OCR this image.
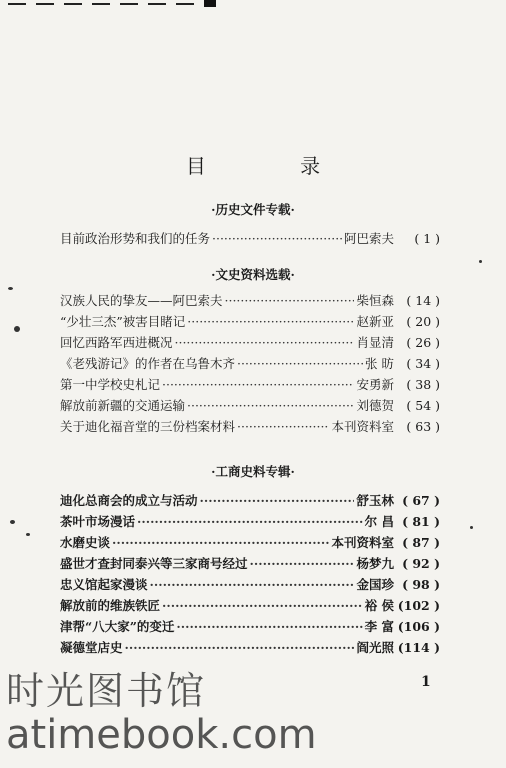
目 录
·历史文件专载·
目前政治形势和我们的任务 ·····	阿巴索夫	( 1 )
·文史资料选载·
汉族人民的挚友——阿巴索夫 ·····	柴恒森 ( 14 )
“少壮三杰”被害目睹记 ·····	赵新亚 ( 20 )
回忆西路军西进概况 ·····	肖显清 ( 26 )
《老残游记》的作者在乌鲁木齐 ·····	张 昉 ( 34 )
第一中学校史札记 ·····	安勇新 ( 38 )
解放前新疆的交通运输 ·····	刘德贺 ( 54 )
关于迪化福音堂的三份档案材料 ·····	本刊资料室 ( 63 )
·工商史料专辑·
迪化总商会的成立与活动 ·····	舒玉林 ( 67 )
茶叶市场漫话 ·····	尔 昌 ( 81 )
水磨史谈 ·····	本刊资料室 ( 87 )
盛世才查封同泰兴等三家商号经过 ·····	杨梦九 ( 92 )
忠义馆起家漫谈 ·····	金国珍 ( 98 )
解放前的维族铁匠 ·····	裕 侯 (102 )
津帮“八大家”的变迁 ·····	李 富 (106 )
凝德堂店史 ·····	阎光照 (114 )
1
时光图书馆
atimebook.com
